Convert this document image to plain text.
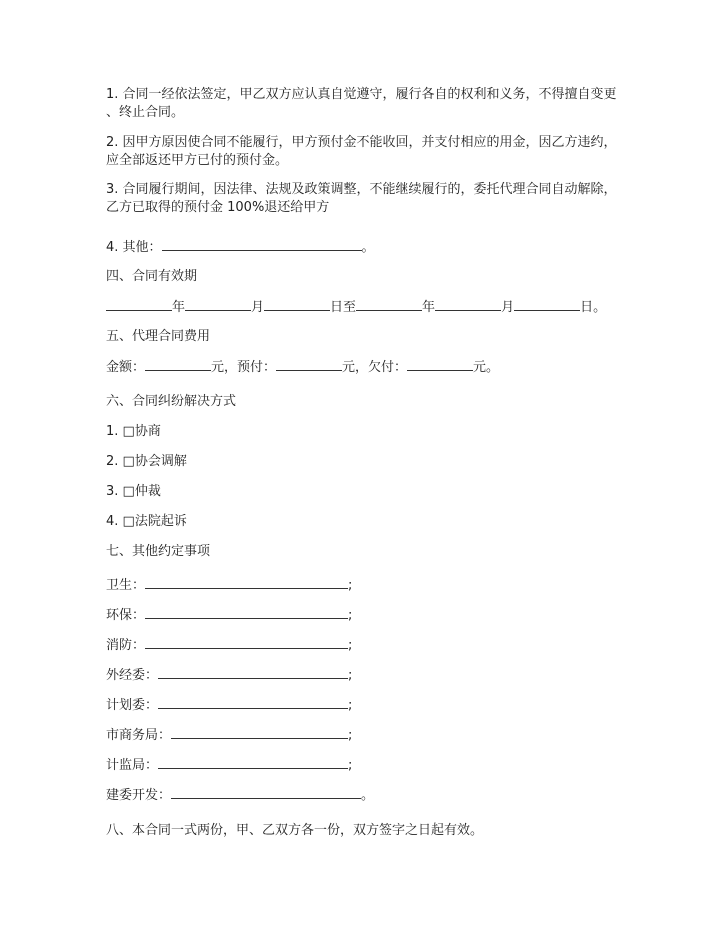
1. 合同一经依法签定，甲乙双方应认真自觉遵守，履行各自的权利和义务，不得擅自变更
、终止合同。
2. 因甲方原因使合同不能履行，甲方预付金不能收回，并支付相应的用金，因乙方违约，
应全部返还甲方已付的预付金。
3. 合同履行期间，因法律、法规及政策调整，不能继续履行的，委托代理合同自动解除，
乙方已取得的预付金 100%退还给甲方
4. 其他：	。
四、合同有效期
年	月	日至	年	月	日。
五、代理合同费用
金额：	元，预付：	元，欠付：	元。
六、合同纠纷解决方式
1. □协商
2. □协会调解
3. □仲裁
4. □法院起诉
七、其他约定事项
卫生：	;
环保：	;
消防：	;
外经委：	;
计划委：	;
市商务局：	;
计监局：	;
建委开发：	。
八、本合同一式两份，甲、乙双方各一份，双方签字之日起有效。
